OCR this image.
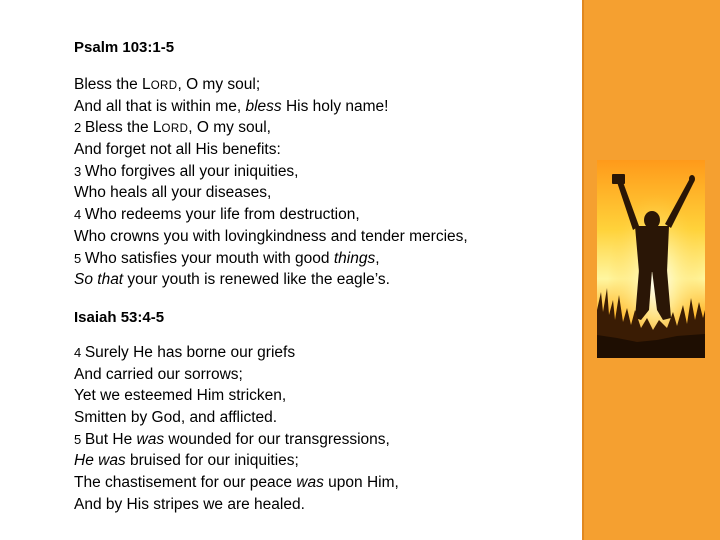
Psalm 103:1-5
Bless the LORD, O my soul;
And all that is within me, bless His holy name!
2 Bless the LORD, O my soul,
And forget not all His benefits:
3 Who forgives all your iniquities,
Who heals all your diseases,
4 Who redeems your life from destruction,
Who crowns you with lovingkindness and tender mercies,
5 Who satisfies your mouth with good things,
So that your youth is renewed like the eagle’s.
Isaiah 53:4-5
4 Surely He has borne our griefs
And carried our sorrows;
Yet we esteemed Him stricken,
Smitten by God, and afflicted.
5 But He was wounded for our transgressions,
He was bruised for our iniquities;
The chastisement for our peace was upon Him,
And by His stripes we are healed.
